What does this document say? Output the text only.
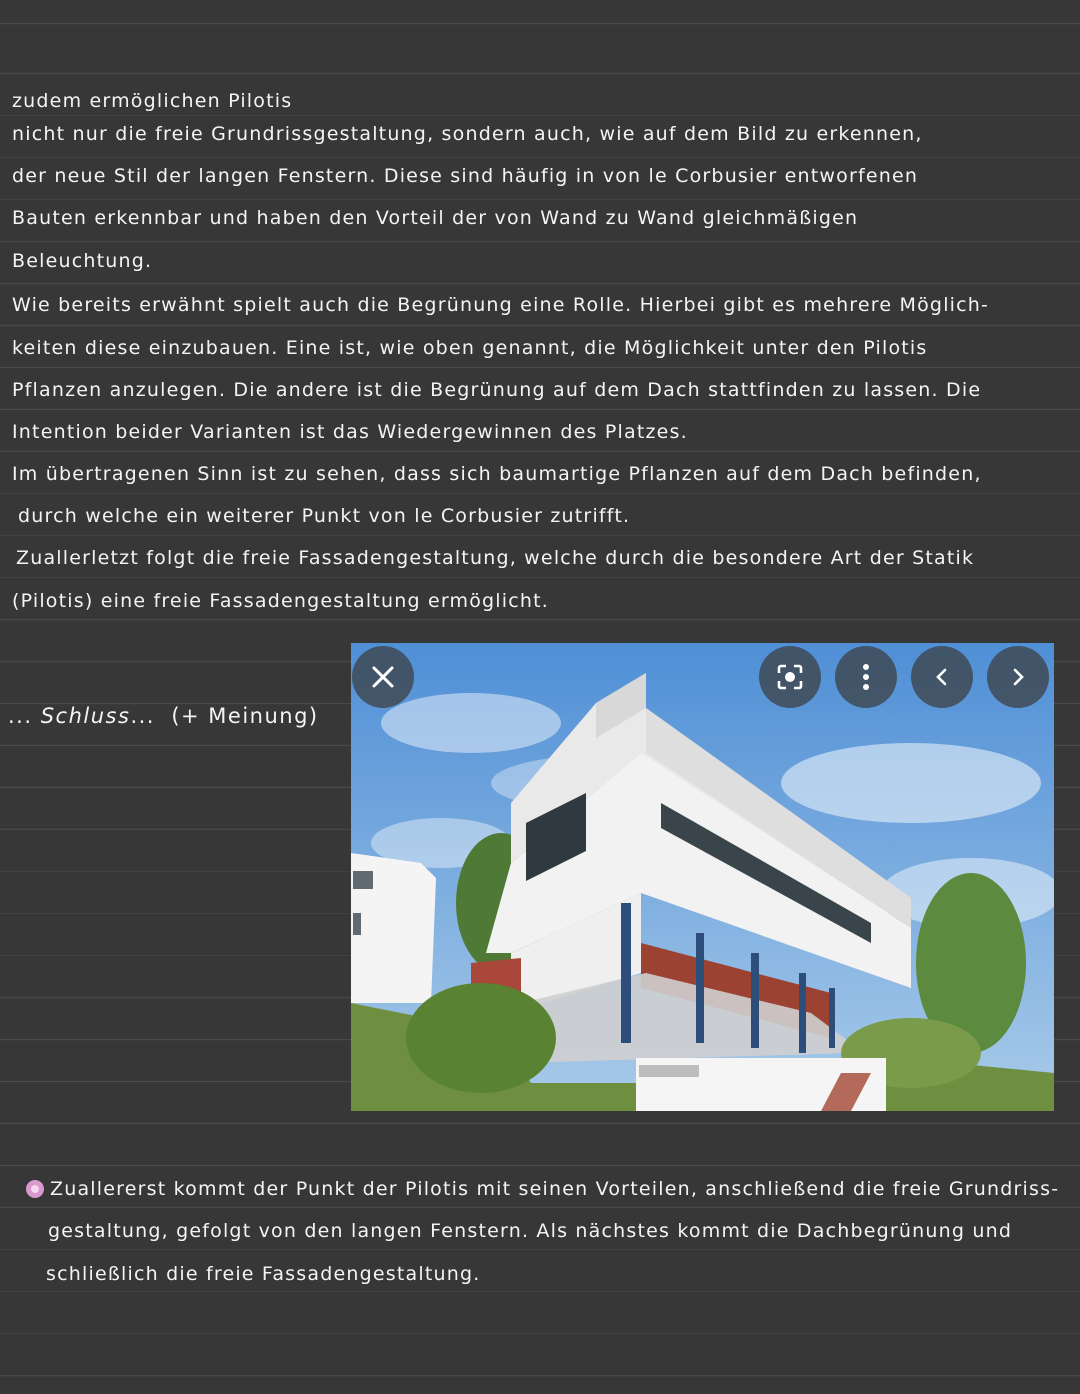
zudem ermöglichen Pilotis
nicht nur die freie Grundrissgestaltung, sondern auch, wie auf dem Bild zu erkennen,
der neue Stil der langen Fenstern. Diese sind häufig in von le Corbusier entworfenen
Bauten erkennbar und haben den Vorteil der von Wand zu Wand gleichmäßigen
Beleuchtung.
Wie bereits erwähnt spielt auch die Begrünung eine Rolle. Hierbei gibt es mehrere Möglich-
keiten diese einzubauen. Eine ist, wie oben genannt, die Möglichkeit unter den Pilotis
Pflanzen anzulegen. Die andere ist die Begrünung auf dem Dach stattfinden zu lassen. Die
Intention beider Varianten ist das Wiedergewinnen des Platzes.
Im übertragenen Sinn ist zu sehen, dass sich baumartige Pflanzen auf dem Dach befinden,
durch welche ein weiterer Punkt von le Corbusier zutrifft.
Zuallerletzt folgt die freie Fassadengestaltung, welche durch die besondere Art der Statik
(Pilotis) eine freie Fassadengestaltung ermöglicht.
... Schluss... (+ Meinung)
Zuallererst kommt der Punkt der Pilotis mit seinen Vorteilen, anschließend die freie Grundriss-
gestaltung, gefolgt von den langen Fenstern. Als nächstes kommt die Dachbegrünung und
schließlich die freie Fassadengestaltung.
